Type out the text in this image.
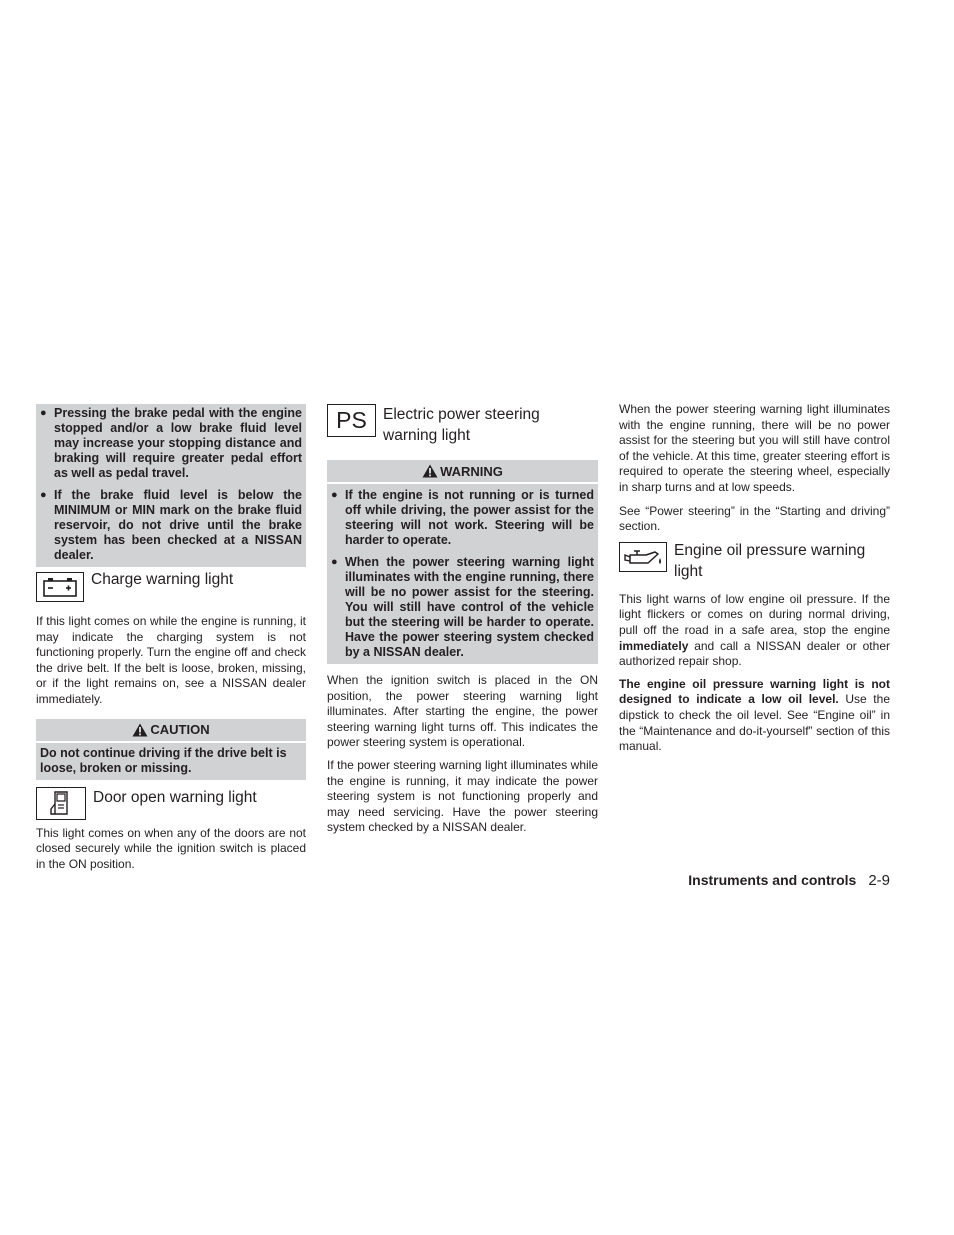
● Pressing the brake pedal with the engine stopped and/or a low brake fluid level may increase your stopping distance and braking will require greater pedal effort as well as pedal travel.
● If the brake fluid level is below the MINIMUM or MIN mark on the brake fluid reservoir, do not drive until the brake system has been checked at a NISSAN dealer.
Charge warning light

If this light comes on while the engine is running, it may indicate the charging system is not functioning properly. Turn the engine off and check the drive belt. If the belt is loose, broken, missing, or if the light remains on, see a NISSAN dealer immediately.

CAUTION
Do not continue driving if the drive belt is loose, broken or missing.
Door open warning light

This light comes on when any of the doors are not closed securely while the ignition switch is placed in the ON position.

PS Electric power steering warning light
WARNING
● If the engine is not running or is turned off while driving, the power assist for the steering will not work. Steering will be harder to operate.
● When the power steering warning light illuminates with the engine running, there will be no power assist for the steering. You will still have control of the vehicle but the steering will be harder to operate. Have the power steering system checked by a NISSAN dealer.

When the ignition switch is placed in the ON position, the power steering warning light illuminates. After starting the engine, the power steering warning light turns off. This indicates the power steering system is operational.

If the power steering warning light illuminates while the engine is running, it may indicate the power steering system is not functioning properly and may need servicing. Have the power steering system checked by a NISSAN dealer.

When the power steering warning light illuminates with the engine running, there will be no power assist for the steering but you will still have control of the vehicle. At this time, greater steering effort is required to operate the steering wheel, especially in sharp turns and at low speeds.

See “Power steering” in the “Starting and driving” section.

Engine oil pressure warning light

This light warns of low engine oil pressure. If the light flickers or comes on during normal driving, pull off the road in a safe area, stop the engine immediately and call a NISSAN dealer or other authorized repair shop.

The engine oil pressure warning light is not designed to indicate a low oil level. Use the dipstick to check the oil level. See “Engine oil” in the “Maintenance and do-it-yourself” section of this manual.

Instruments and controls 2-9
